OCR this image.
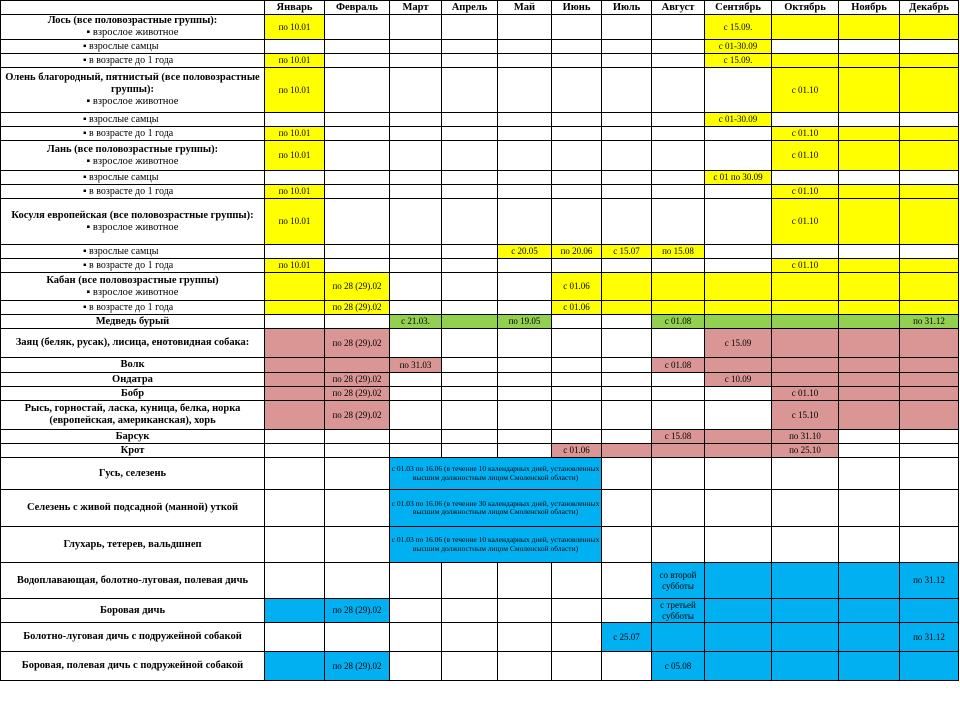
	Январь	Февраль	Март	Апрель	Май	Июнь	Июль	Август	Сентябрь	Октябрь	Ноябрь	Декабрь
Лось (все половозрастные группы):
▪ взрослое животное	по 10.01								с 15.09.			
▪ взрослые самцы									с 01-30.09			
▪ в возрасте до 1 года	по 10.01								с 15.09.			
Олень благородный, пятнистый (все половозрастные группы):
▪ взрослое животное	по 10.01									с 01.10		
▪ взрослые самцы									с 01-30.09			
▪ в возрасте до 1 года	по 10.01									с 01.10		
Лань (все половозрастные группы):
▪ взрослое животное	по 10.01									с 01.10		
▪ взрослые самцы									с 01 по 30.09			
▪ в возрасте до 1 года	по 10.01									с 01.10		
Косуля европейская (все половозрастные группы):
▪ взрослое животное	по 10.01									с 01.10		
▪ взрослые самцы					с 20.05	по 20.06	с 15.07	по 15.08				
▪ в возрасте до 1 года	по 10.01									с 01.10		
Кабан (все половозрастные группы)
▪ взрослое животное		по 28 (29).02				с 01.06						
▪ в возрасте до 1 года		по 28 (29).02				с 01.06						
Медведь бурый			с 21.03.		по 19.05			с 01.08				по 31.12
Заяц (беляк, русак), лисица, енотовидная собака:		по 28 (29).02							с 15.09			
Волк			по 31.03					с 01.08				
Ондатра		по 28 (29).02							с 10.09			
Бобр		по 28 (29).02								с 01.10		
Рысь, горностай, ласка, куница, белка, норка (европейская, американская), хорь		по 28 (29).02								с 15.10		
Барсук								с 15.08		по 31.10		
Крот						с 01.06				по 25.10		
Гусь, селезень			с 01.03 по 16.06 (в течение 10 календарных дней, установленных высшим должностным лицом Смоленской области)									
Селезень с живой подсадной (манной) уткой			с 01.03 по 16.06 (в течение 30 календарных дней, установленных высшим должностным лицом Смоленской области)									
Глухарь, тетерев, вальдшнеп			с 01.03 по 16.06 (в течение 10 календарных дней, установленных высшим должностным лицом Смоленской области)									
Водоплавающая, болотно-луговая, полевая дичь								со второй субботы				по 31.12
Боровая дичь		по 28 (29).02						с третьей субботы				
Болотно-луговая дичь с подружейной собакой							с 25.07					по 31.12
Боровая, полевая дичь с подружейной собакой		по 28 (29).02						с 05.08				
